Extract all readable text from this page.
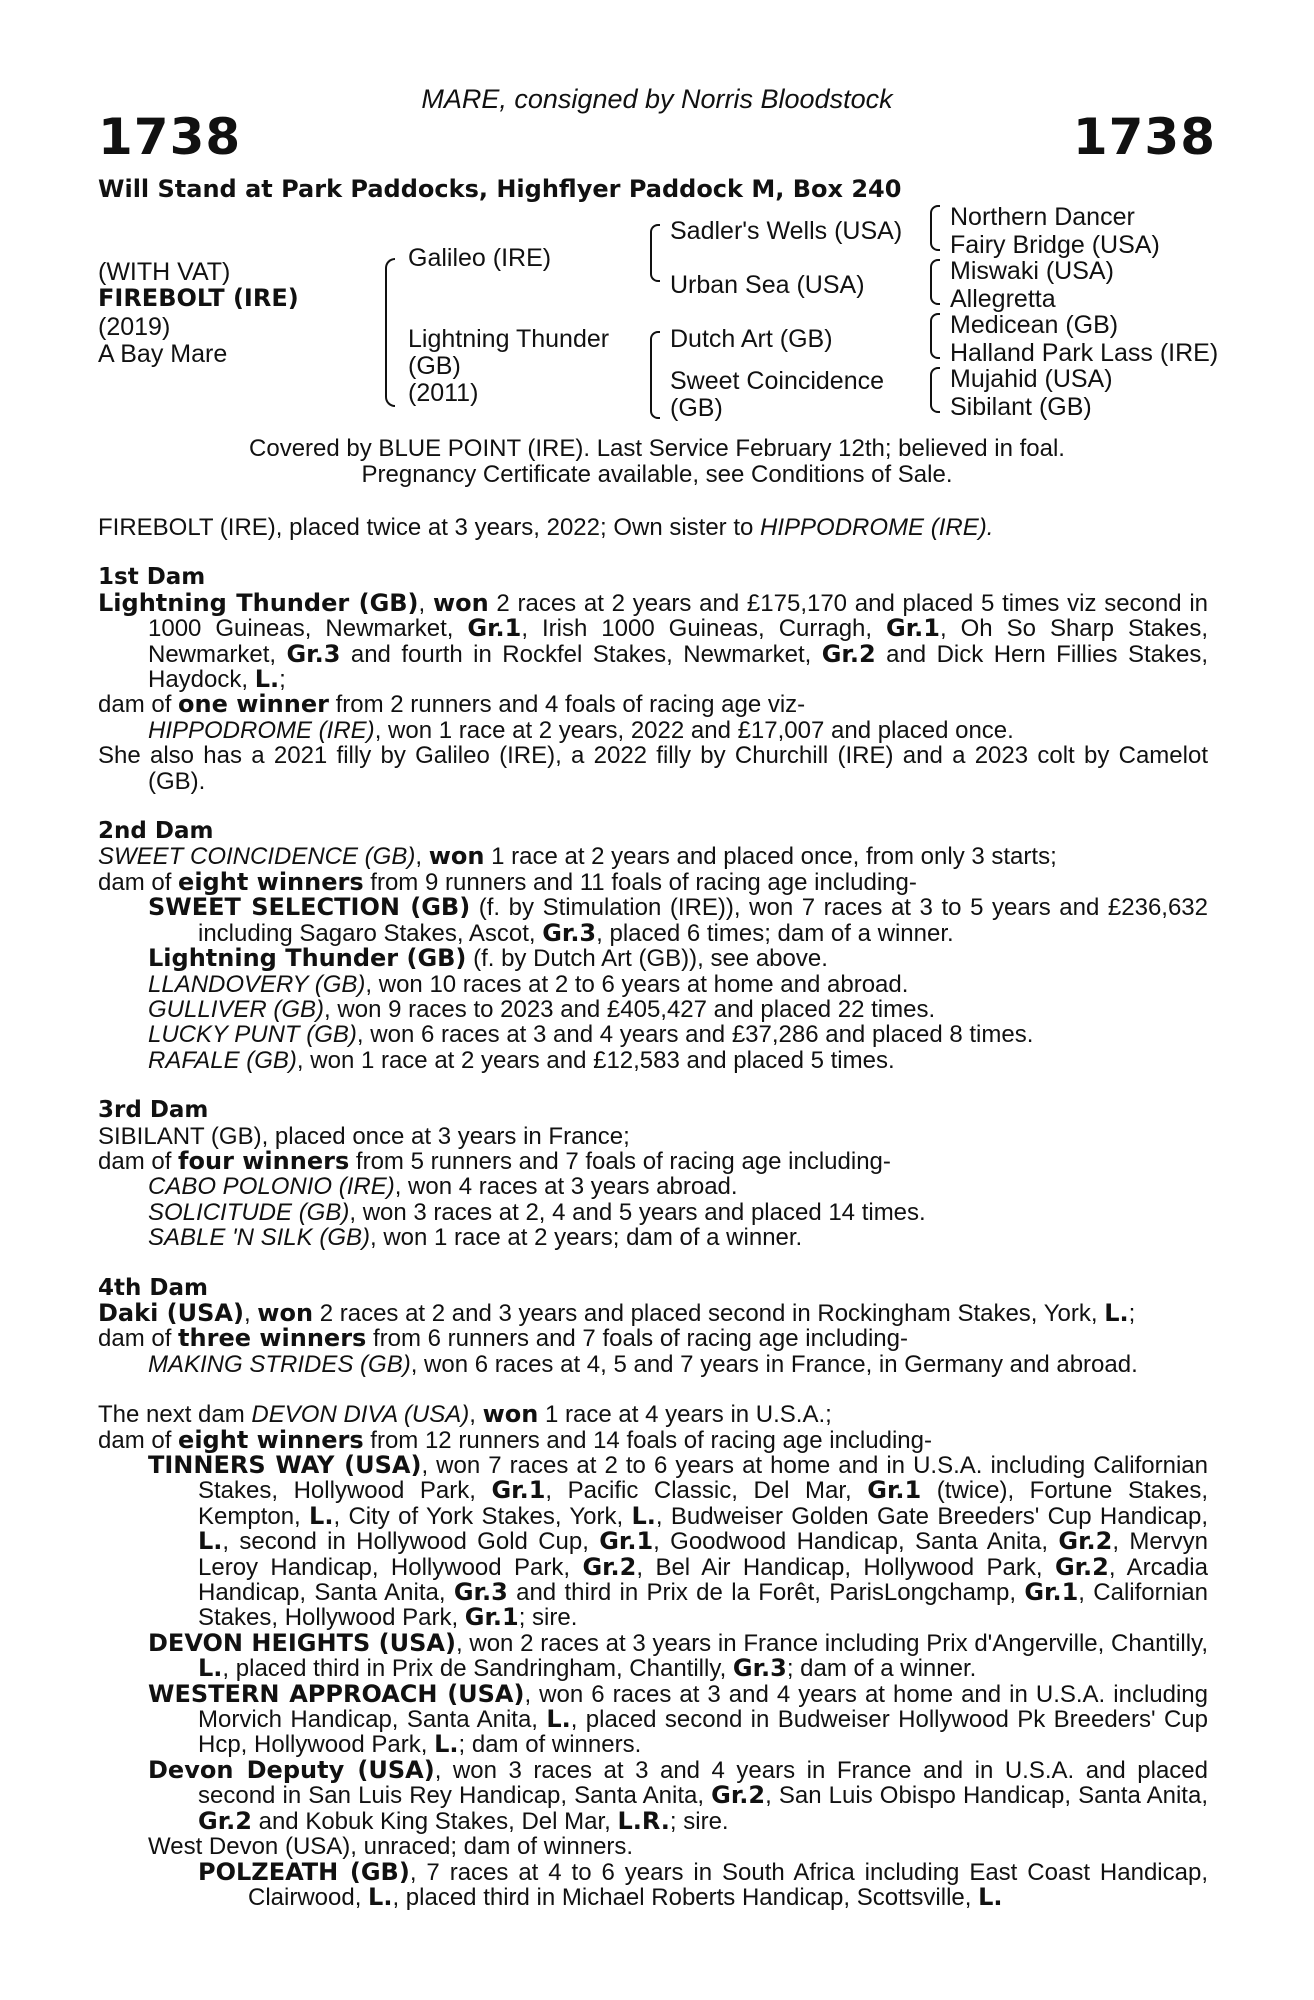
MARE, consigned by Norris Bloodstock
1738	1738
Will Stand at Park Paddocks, Highflyer Paddock M, Box 240
(WITH VAT)
FIREBOLT (IRE)
(2019)
A Bay Mare
Galileo (IRE)
Lightning Thunder
(GB)
(2011)
Sadler's Wells (USA)
Urban Sea (USA)
Dutch Art (GB)
Sweet Coincidence
(GB)
Northern Dancer
Fairy Bridge (USA)
Miswaki (USA)
Allegretta
Medicean (GB)
Halland Park Lass (IRE)
Mujahid (USA)
Sibilant (GB)
Covered by BLUE POINT (IRE). Last Service February 12th; believed in foal.
Pregnancy Certificate available, see Conditions of Sale.

FIREBOLT (IRE), placed twice at 3 years, 2022; Own sister to HIPPODROME (IRE).

1st Dam

Lightning Thunder (GB), won 2 races at 2 years and £175,170 and placed 5 times viz second in 1000 Guineas, Newmarket, Gr.1, Irish 1000 Guineas, Curragh, Gr.1, Oh So Sharp Stakes, Newmarket, Gr.3 and fourth in Rockfel Stakes, Newmarket, Gr.2 and Dick Hern Fillies Stakes, Haydock, L.;

dam of one winner from 2 runners and 4 foals of racing age viz-

HIPPODROME (IRE), won 1 race at 2 years, 2022 and £17,007 and placed once.

She also has a 2021 filly by Galileo (IRE), a 2022 filly by Churchill (IRE) and a 2023 colt by Camelot (GB).

2nd Dam

SWEET COINCIDENCE (GB), won 1 race at 2 years and placed once, from only 3 starts;

dam of eight winners from 9 runners and 11 foals of racing age including-

SWEET SELECTION (GB) (f. by Stimulation (IRE)), won 7 races at 3 to 5 years and £236,632 including Sagaro Stakes, Ascot, Gr.3, placed 6 times; dam of a winner.

Lightning Thunder (GB) (f. by Dutch Art (GB)), see above.

LLANDOVERY (GB), won 10 races at 2 to 6 years at home and abroad.

GULLIVER (GB), won 9 races to 2023 and £405,427 and placed 22 times.

LUCKY PUNT (GB), won 6 races at 3 and 4 years and £37,286 and placed 8 times.

RAFALE (GB), won 1 race at 2 years and £12,583 and placed 5 times.

3rd Dam

SIBILANT (GB), placed once at 3 years in France;

dam of four winners from 5 runners and 7 foals of racing age including-

CABO POLONIO (IRE), won 4 races at 3 years abroad.

SOLICITUDE (GB), won 3 races at 2, 4 and 5 years and placed 14 times.

SABLE 'N SILK (GB), won 1 race at 2 years; dam of a winner.

4th Dam

Daki (USA), won 2 races at 2 and 3 years and placed second in Rockingham Stakes, York, L.;

dam of three winners from 6 runners and 7 foals of racing age including-

MAKING STRIDES (GB), won 6 races at 4, 5 and 7 years in France, in Germany and abroad.

The next dam DEVON DIVA (USA), won 1 race at 4 years in U.S.A.;

dam of eight winners from 12 runners and 14 foals of racing age including-

TINNERS WAY (USA), won 7 races at 2 to 6 years at home and in U.S.A. including Californian Stakes, Hollywood Park, Gr.1, Pacific Classic, Del Mar, Gr.1 (twice), Fortune Stakes, Kempton, L., City of York Stakes, York, L., Budweiser Golden Gate Breeders' Cup Handicap, L., second in Hollywood Gold Cup, Gr.1, Goodwood Handicap, Santa Anita, Gr.2, Mervyn Leroy Handicap, Hollywood Park, Gr.2, Bel Air Handicap, Hollywood Park, Gr.2, Arcadia Handicap, Santa Anita, Gr.3 and third in Prix de la Forêt, ParisLongchamp, Gr.1, Californian Stakes, Hollywood Park, Gr.1; sire.

DEVON HEIGHTS (USA), won 2 races at 3 years in France including Prix d'Angerville, Chantilly, L., placed third in Prix de Sandringham, Chantilly, Gr.3; dam of a winner.

WESTERN APPROACH (USA), won 6 races at 3 and 4 years at home and in U.S.A. including Morvich Handicap, Santa Anita, L., placed second in Budweiser Hollywood Pk Breeders' Cup Hcp, Hollywood Park, L.; dam of winners.

Devon Deputy (USA), won 3 races at 3 and 4 years in France and in U.S.A. and placed second in San Luis Rey Handicap, Santa Anita, Gr.2, San Luis Obispo Handicap, Santa Anita, Gr.2 and Kobuk King Stakes, Del Mar, L.R.; sire.

West Devon (USA), unraced; dam of winners.

POLZEATH (GB), 7 races at 4 to 6 years in South Africa including East Coast Handicap, Clairwood, L., placed third in Michael Roberts Handicap, Scottsville, L.
